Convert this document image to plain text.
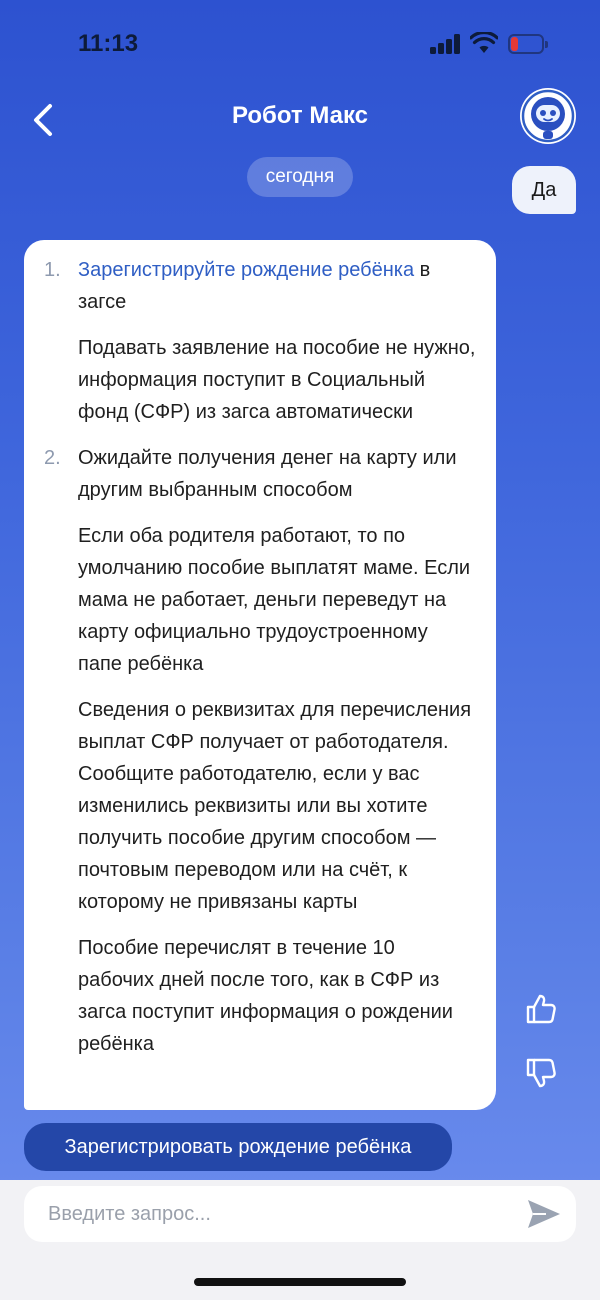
11:13
Робот Макс
сегодня
Да
1. Зарегистрируйте рождение ребёнка в загсе

Подавать заявление на пособие не нужно, информация поступит в Социальный фонд (СФР) из загса автоматически

2. Ожидайте получения денег на карту или другим выбранным способом

Если оба родителя работают, то по умолчанию пособие выплатят маме. Если мама не работает, деньги переведут на карту официально трудоустроенному папе ребёнка

Сведения о реквизитах для перечисления выплат СФР получает от работодателя. Сообщите работодателю, если у вас изменились реквизиты или вы хотите получить пособие другим способом — почтовым переводом или на счёт, к которому не привязаны карты

Пособие перечислят в течение 10 рабочих дней после того, как в СФР из загса поступит информация о рождении ребёнка

Зарегистрировать рождение ребёнка
Введите запрос...
